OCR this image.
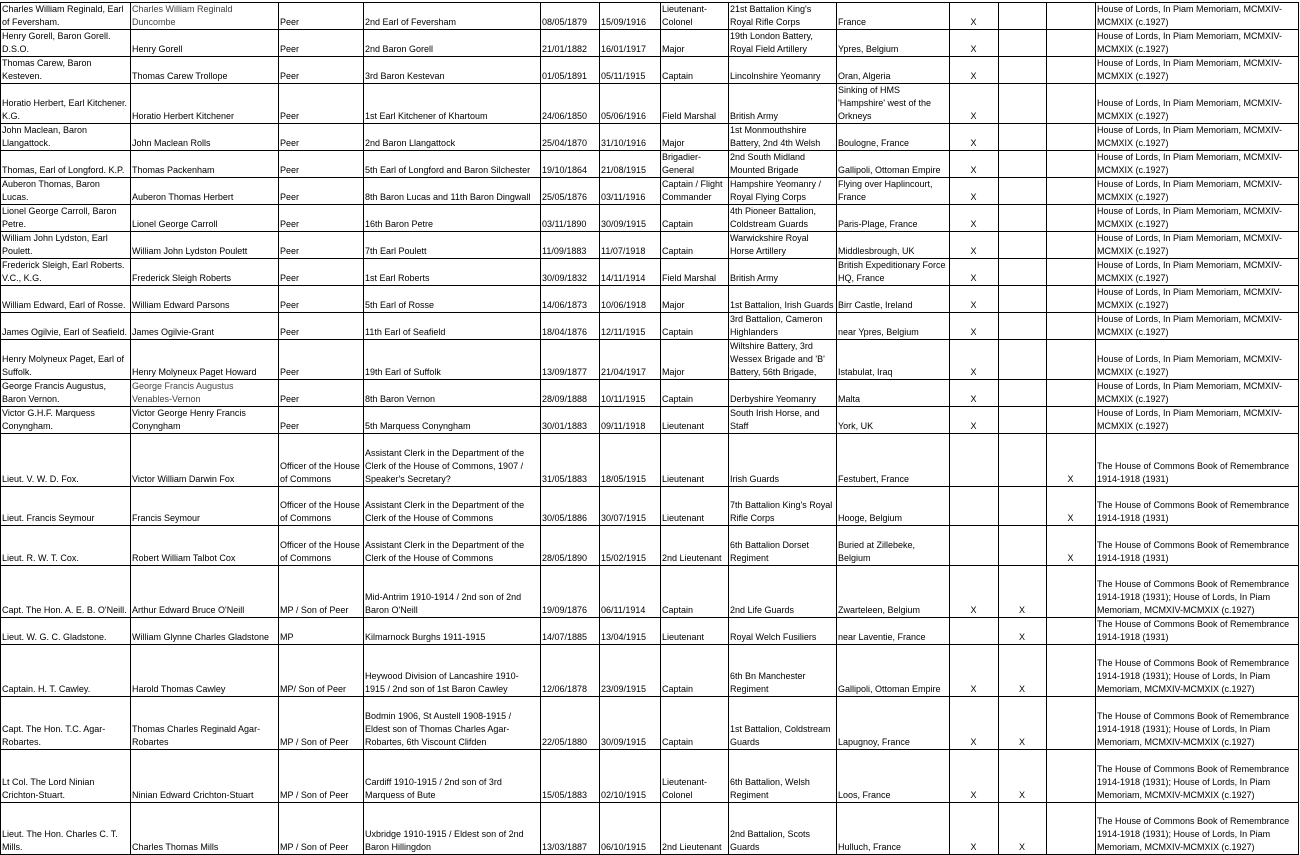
Charles William Reginald, Earl of Feversham.	Charles William Reginald Duncombe	Peer	2nd Earl of Feversham	08/05/1879	15/09/1916	Lieutenant-Colonel	21st Battalion King's Royal Rifle Corps	France	X			House of Lords, In Piam Memoriam, MCMXIV-MCMXIX (c.1927)
Henry Gorell, Baron Gorell. D.S.O.	Henry Gorell	Peer	2nd Baron Gorell	21/01/1882	16/01/1917	Major	19th London Battery, Royal Field Artillery	Ypres, Belgium	X			House of Lords, In Piam Memoriam, MCMXIV-MCMXIX (c.1927)
Thomas Carew, Baron Kesteven.	Thomas Carew Trollope	Peer	3rd Baron Kestevan	01/05/1891	05/11/1915	Captain	Lincolnshire Yeomanry	Oran, Algeria	X			House of Lords, In Piam Memoriam, MCMXIV-MCMXIX (c.1927)
Horatio Herbert, Earl Kitchener. K.G.	Horatio Herbert Kitchener	Peer	1st Earl Kitchener of Khartoum	24/06/1850	05/06/1916	Field Marshal	British Army	Sinking of HMS 'Hampshire' west of the Orkneys	X			House of Lords, In Piam Memoriam, MCMXIV-MCMXIX (c.1927)
John Maclean, Baron Llangattock.	John Maclean Rolls	Peer	2nd Baron Llangattock	25/04/1870	31/10/1916	Major	1st Monmouthshire Battery, 2nd 4th Welsh	Boulogne, France	X			House of Lords, In Piam Memoriam, MCMXIV-MCMXIX (c.1927)
Thomas, Earl of Longford. K.P.	Thomas Packenham	Peer	5th Earl of Longford and Baron Silchester	19/10/1864	21/08/1915	Brigadier-General	2nd South Midland Mounted Brigade	Gallipoli, Ottoman Empire	X			House of Lords, In Piam Memoriam, MCMXIV-MCMXIX (c.1927)
Auberon Thomas, Baron Lucas.	Auberon Thomas Herbert	Peer	8th Baron Lucas and 11th Baron Dingwall	25/05/1876	03/11/1916	Captain / Flight Commander	Hampshire Yeomanry / Royal Flying Corps	Flying over Haplincourt, France	X			House of Lords, In Piam Memoriam, MCMXIV-MCMXIX (c.1927)
Lionel George Carroll, Baron Petre.	Lionel George Carroll	Peer	16th Baron Petre	03/11/1890	30/09/1915	Captain	4th Pioneer Battalion, Coldstream Guards	Paris-Plage, France	X			House of Lords, In Piam Memoriam, MCMXIV-MCMXIX (c.1927)
William John Lydston, Earl Poulett.	William John Lydston Poulett	Peer	7th Earl Poulett	11/09/1883	11/07/1918	Captain	Warwickshire Royal Horse Artillery	Middlesbrough, UK	X			House of Lords, In Piam Memoriam, MCMXIV-MCMXIX (c.1927)
Frederick Sleigh, Earl Roberts. V.C., K.G.	Frederick Sleigh Roberts	Peer	1st Earl Roberts	30/09/1832	14/11/1914	Field Marshal	British Army	British Expeditionary Force HQ, France	X			House of Lords, In Piam Memoriam, MCMXIV-MCMXIX (c.1927)
William Edward, Earl of Rosse.	William Edward Parsons	Peer	5th Earl of Rosse	14/06/1873	10/06/1918	Major	1st Battalion, Irish Guards	Birr Castle, Ireland	X			House of Lords, In Piam Memoriam, MCMXIV-MCMXIX (c.1927)
James Ogilvie, Earl of Seafield.	James Ogilvie-Grant	Peer	11th Earl of Seafield	18/04/1876	12/11/1915	Captain	3rd Battalion, Cameron Highlanders	near Ypres, Belgium	X			House of Lords, In Piam Memoriam, MCMXIV-MCMXIX (c.1927)
Henry Molyneux Paget, Earl of Suffolk.	Henry Molyneux Paget Howard	Peer	19th Earl of Suffolk	13/09/1877	21/04/1917	Major	Wiltshire Battery, 3rd Wessex Brigade and 'B' Battery, 56th Brigade,	Istabulat, Iraq	X			House of Lords, In Piam Memoriam, MCMXIV-MCMXIX (c.1927)
George Francis Augustus, Baron Vernon.	George Francis Augustus Venables-Vernon	Peer	8th Baron Vernon	28/09/1888	10/11/1915	Captain	Derbyshire Yeomanry	Malta	X			House of Lords, In Piam Memoriam, MCMXIV-MCMXIX (c.1927)
Victor G.H.F. Marquess Conyngham.	Victor George Henry Francis Conyngham	Peer	5th Marquess Conyngham	30/01/1883	09/11/1918	Lieutenant	South Irish Horse, and Staff	York, UK	X			House of Lords, In Piam Memoriam, MCMXIV-MCMXIX (c.1927)
Lieut. V. W. D. Fox.	Victor William Darwin Fox	Officer of the House of Commons	Assistant Clerk in the Department of the Clerk of the House of Commons, 1907 / Speaker's Secretary?	31/05/1883	18/05/1915	Lieutenant	Irish Guards	Festubert, France			X	The House of Commons Book of Remembrance 1914-1918 (1931)
Lieut. Francis Seymour	Francis Seymour	Officer of the House of Commons	Assistant Clerk in the Department of the Clerk of the House of Commons	30/05/1886	30/07/1915	Lieutenant	7th Battalion King's Royal Rifle Corps	Hooge, Belgium			X	The House of Commons Book of Remembrance 1914-1918 (1931)
Lieut. R. W. T. Cox.	Robert William Talbot Cox	Officer of the House of Commons	Assistant Clerk in the Department of the Clerk of the House of Commons	28/05/1890	15/02/1915	2nd Lieutenant	6th Battalion Dorset Regiment	Buried at Zillebeke, Belgium			X	The House of Commons Book of Remembrance 1914-1918 (1931)
Capt. The Hon. A. E. B. O'Neill.	Arthur Edward Bruce O'Neill	MP / Son of Peer	Mid-Antrim 1910-1914 / 2nd son of 2nd Baron O'Neill	19/09/1876	06/11/1914	Captain	2nd Life Guards	Zwarteleen, Belgium	X	X		The House of Commons Book of Remembrance 1914-1918 (1931); House of Lords, In Piam Memoriam, MCMXIV-MCMXIX (c.1927)
Lieut. W. G. C. Gladstone.	William Glynne Charles Gladstone	MP	Kilmarnock Burghs 1911-1915	14/07/1885	13/04/1915	Lieutenant	Royal Welch Fusiliers	near Laventie, France		X		The House of Commons Book of Remembrance 1914-1918 (1931)
Captain. H. T. Cawley.	Harold Thomas Cawley	MP/ Son of Peer	Heywood Division of Lancashire 1910-1915 / 2nd son of 1st Baron Cawley	12/06/1878	23/09/1915	Captain	6th Bn Manchester Regiment	Gallipoli, Ottoman Empire	X	X		The House of Commons Book of Remembrance 1914-1918 (1931); House of Lords, In Piam Memoriam, MCMXIV-MCMXIX (c.1927)
Capt. The Hon. T.C. Agar-Robartes.	Thomas Charles Reginald Agar-Robartes	MP / Son of Peer	Bodmin 1906, St Austell 1908-1915 / Eldest son of Thomas Charles Agar-Robartes, 6th Viscount Clifden	22/05/1880	30/09/1915	Captain	1st Battalion, Coldstream Guards	Lapugnoy, France	X	X		The House of Commons Book of Remembrance 1914-1918 (1931); House of Lords, In Piam Memoriam, MCMXIV-MCMXIX (c.1927)
Lt Col. The Lord Ninian Crichton-Stuart.	Ninian Edward Crichton-Stuart	MP / Son of Peer	Cardiff 1910-1915 / 2nd son of 3rd Marquess of Bute	15/05/1883	02/10/1915	Lieutenant-Colonel	6th Battalion, Welsh Regiment	Loos, France	X	X		The House of Commons Book of Remembrance 1914-1918 (1931); House of Lords, In Piam Memoriam, MCMXIV-MCMXIX (c.1927)
Lieut. The Hon. Charles C. T. Mills.	Charles Thomas Mills	MP / Son of Peer	Uxbridge 1910-1915 / Eldest son of 2nd Baron Hillingdon	13/03/1887	06/10/1915	2nd Lieutenant	2nd Battalion, Scots Guards	Hulluch, France	X	X		The House of Commons Book of Remembrance 1914-1918 (1931); House of Lords, In Piam Memoriam, MCMXIV-MCMXIX (c.1927)
